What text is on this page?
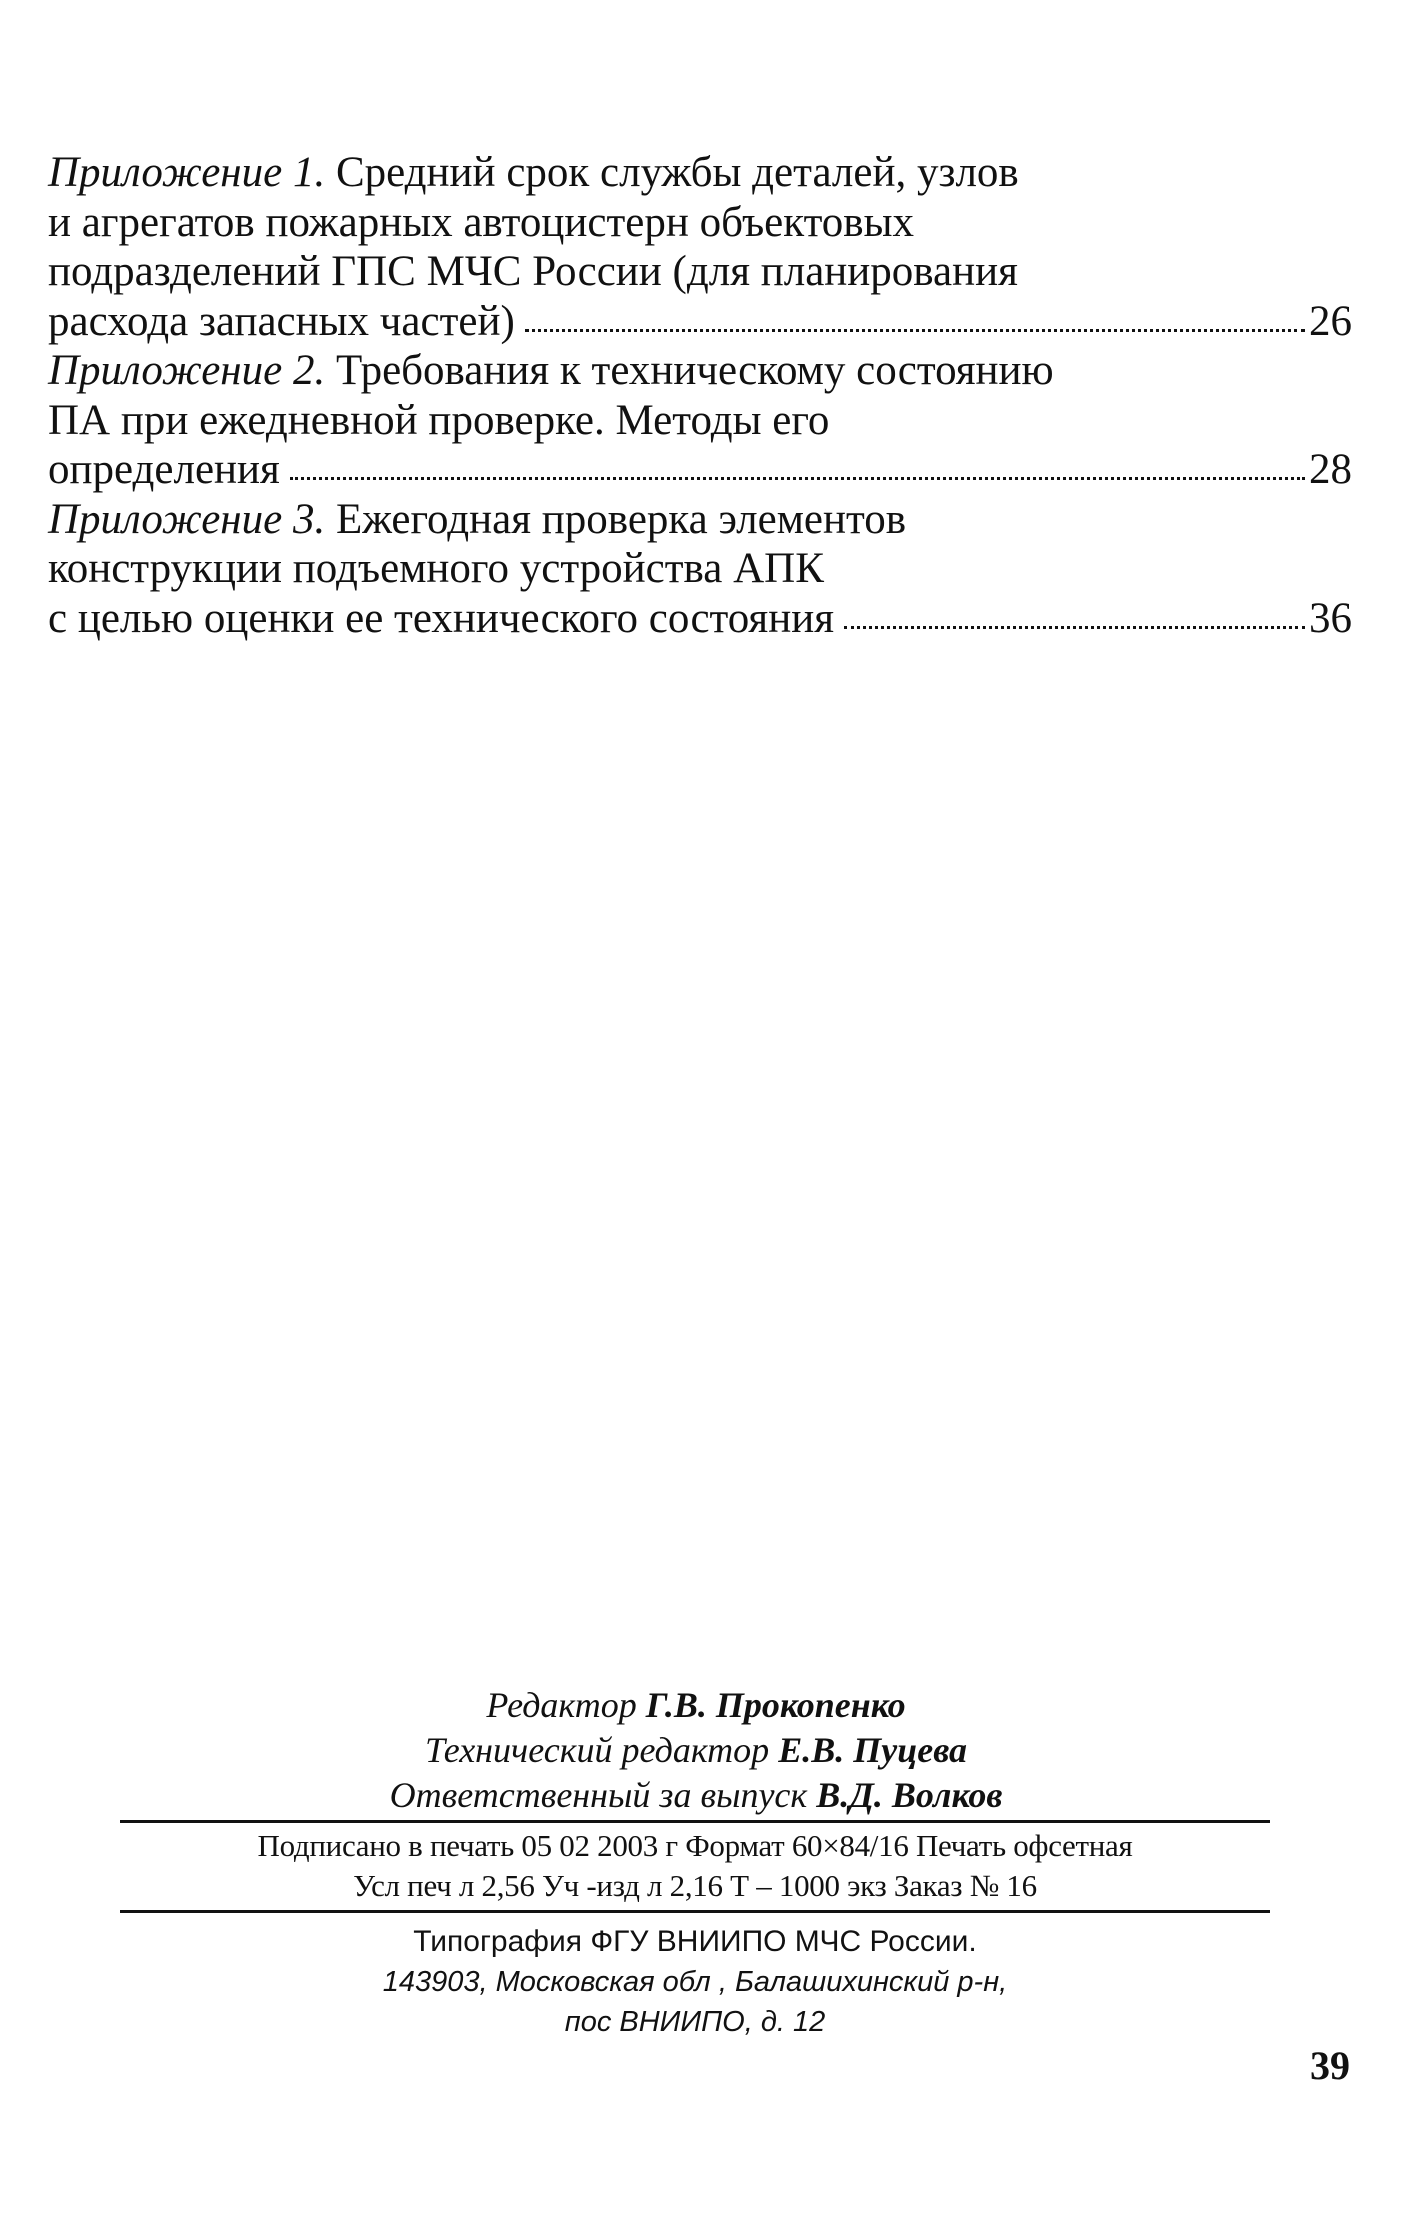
Приложение 1. Средний срок службы деталей, узлов
и агрегатов пожарных автоцистерн объектовых
подразделений ГПС МЧС России (для планирования
расхода запасных частей)	26
Приложение 2. Требования к техническому состоянию
ПА при ежедневной проверке. Методы его
определения	28
Приложение 3. Ежегодная проверка элементов
конструкции подъемного устройства АПК
с целью оценки ее технического состояния	36
Редактор Г.В. Прокопенко
Технический редактор Е.В. Пуцева
Ответственный за выпуск В.Д. Волков
Подписано в печать 05 02 2003 г Формат 60×84/16 Печать офсетная
Усл печ л 2,56 Уч -изд л 2,16 Т – 1000 экз Заказ № 16
Типография ФГУ ВНИИПО МЧС России.
143903, Московская обл , Балашихинский р-н,
пос ВНИИПО, д. 12
39
